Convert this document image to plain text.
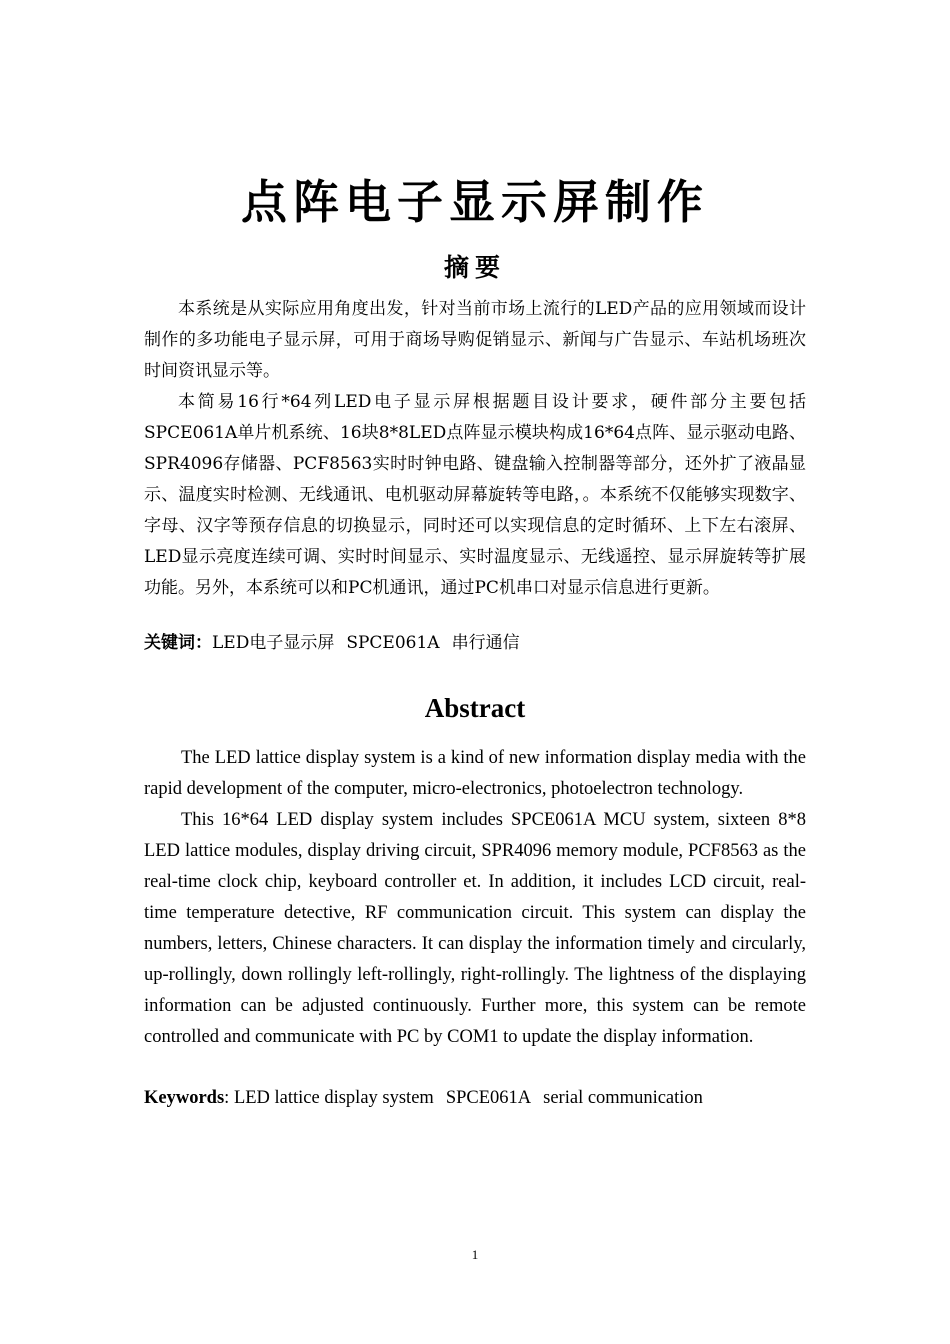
点阵电子显示屏制作
摘要

本系统是从实际应用角度出发，针对当前市场上流行的LED产品的应用领域而设计制作的多功能电子显示屏，可用于商场导购促销显示、新闻与广告显示、车站机场班次时间资讯显示等。

本简易16行*64列LED电子显示屏根据题目设计要求，硬件部分主要包括SPCE061A单片机系统、16块8*8LED点阵显示模块构成16*64点阵、显示驱动电路、SPR4096存储器、PCF8563实时时钟电路、键盘输入控制器等部分，还外扩了液晶显示、温度实时检测、无线通讯、电机驱动屏幕旋转等电路，。本系统不仅能够实现数字、字母、汉字等预存信息的切换显示，同时还可以实现信息的定时循环、上下左右滚屏、LED显示亮度连续可调、实时时间显示、实时温度显示、无线遥控、显示屏旋转等扩展功能。另外，本系统可以和PC机通讯，通过PC机串口对显示信息进行更新。

关键词：LED电子显示屏 SPCE061A 串行通信

Abstract

The LED lattice display system is a kind of new information display media with the rapid development of the computer, micro-electronics, photoelectron technology.

This 16*64 LED display system includes SPCE061A MCU system, sixteen 8*8 LED lattice modules, display driving circuit, SPR4096 memory module, PCF8563 as the real-time clock chip, keyboard controller et. In addition, it includes LCD circuit, real-time temperature detective, RF communication circuit. This system can display the numbers, letters, Chinese characters. It can display the information timely and circularly, up-rollingly, down rollingly left-rollingly, right-rollingly. The lightness of the displaying information can be adjusted continuously. Further more, this system can be remote controlled and communicate with PC by COM1 to update the display information.

Keywords: LED lattice display system SPCE061A serial communication

1
